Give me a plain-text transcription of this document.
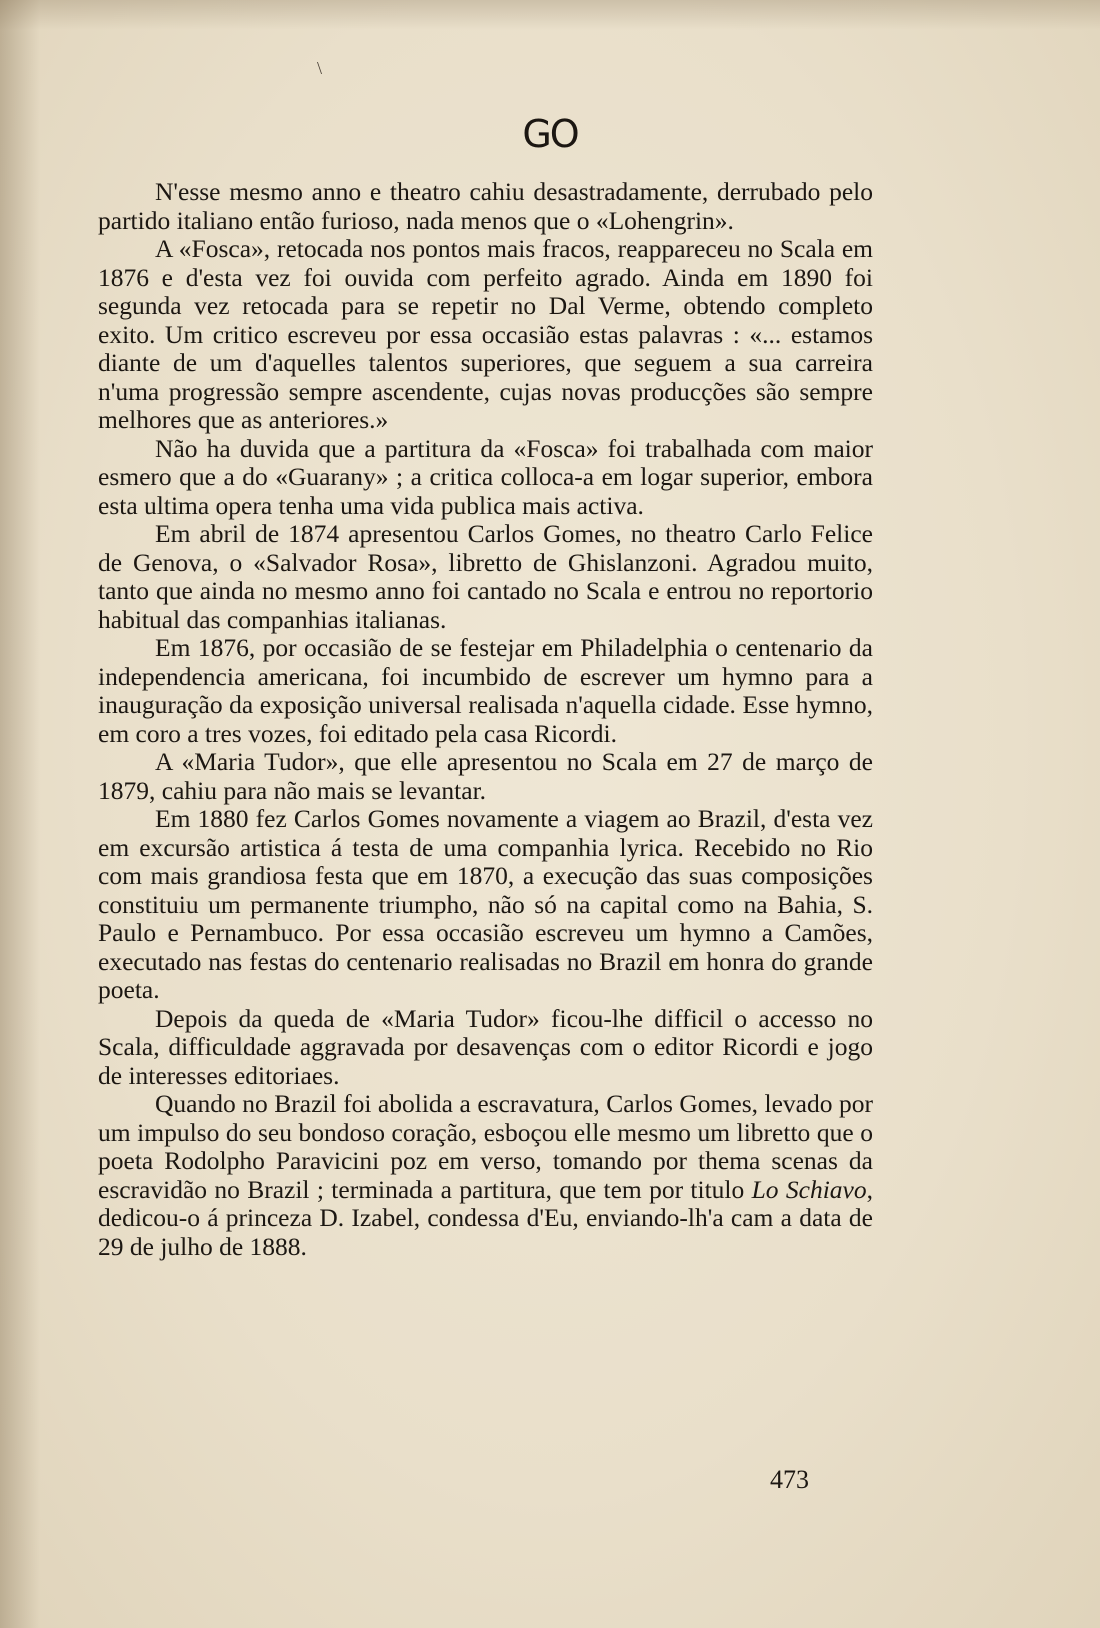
\
GO

N'esse mesmo anno e theatro cahiu desastradamente, derrubado pelo partido italiano então furioso, nada menos que o «Lohengrin».

A «Fosca», retocada nos pontos mais fracos, reappareceu no Scala em 1876 e d'esta vez foi ouvida com perfeito agrado. Ainda em 1890 foi segunda vez retocada para se repetir no Dal Verme, obtendo completo exito. Um critico escreveu por essa occasião estas palavras : «... estamos diante de um d'aquelles talentos superiores, que seguem a sua carreira n'uma progressão sempre ascendente, cujas novas producções são sempre melhores que as anteriores.»

Não ha duvida que a partitura da «Fosca» foi trabalhada com maior esmero que a do «Guarany» ; a critica colloca-a em logar superior, embora esta ultima opera tenha uma vida publica mais activa.

Em abril de 1874 apresentou Carlos Gomes, no theatro Carlo Felice de Genova, o «Salvador Rosa», libretto de Ghislanzoni. Agradou muito, tanto que ainda no mesmo anno foi cantado no Scala e entrou no reportorio habitual das companhias italianas.

Em 1876, por occasião de se festejar em Philadelphia o centenario da independencia americana, foi incumbido de escrever um hymno para a inauguração da exposição universal realisada n'aquella cidade. Esse hymno, em coro a tres vozes, foi editado pela casa Ricordi.

A «Maria Tudor», que elle apresentou no Scala em 27 de março de 1879, cahiu para não mais se levantar.

Em 1880 fez Carlos Gomes novamente a viagem ao Brazil, d'esta vez em excursão artistica á testa de uma companhia lyrica. Recebido no Rio com mais grandiosa festa que em 1870, a execução das suas composições constituiu um permanente triumpho, não só na capital como na Bahia, S. Paulo e Pernambuco. Por essa occasião escreveu um hymno a Camões, executado nas festas do centenario realisadas no Brazil em honra do grande poeta.

Depois da queda de «Maria Tudor» ficou-lhe difficil o accesso no Scala, difficuldade aggravada por desavenças com o editor Ricordi e jogo de interesses editoriaes.

Quando no Brazil foi abolida a escravatura, Carlos Gomes, levado por um impulso do seu bondoso coração, esboçou elle mesmo um libretto que o poeta Rodolpho Paravicini poz em verso, tomando por thema scenas da escravidão no Brazil ; terminada a partitura, que tem por titulo Lo Schiavo, dedicou-o á princeza D. Izabel, condessa d'Eu, enviando-lh'a cam a data de 29 de julho de 1888.

473
